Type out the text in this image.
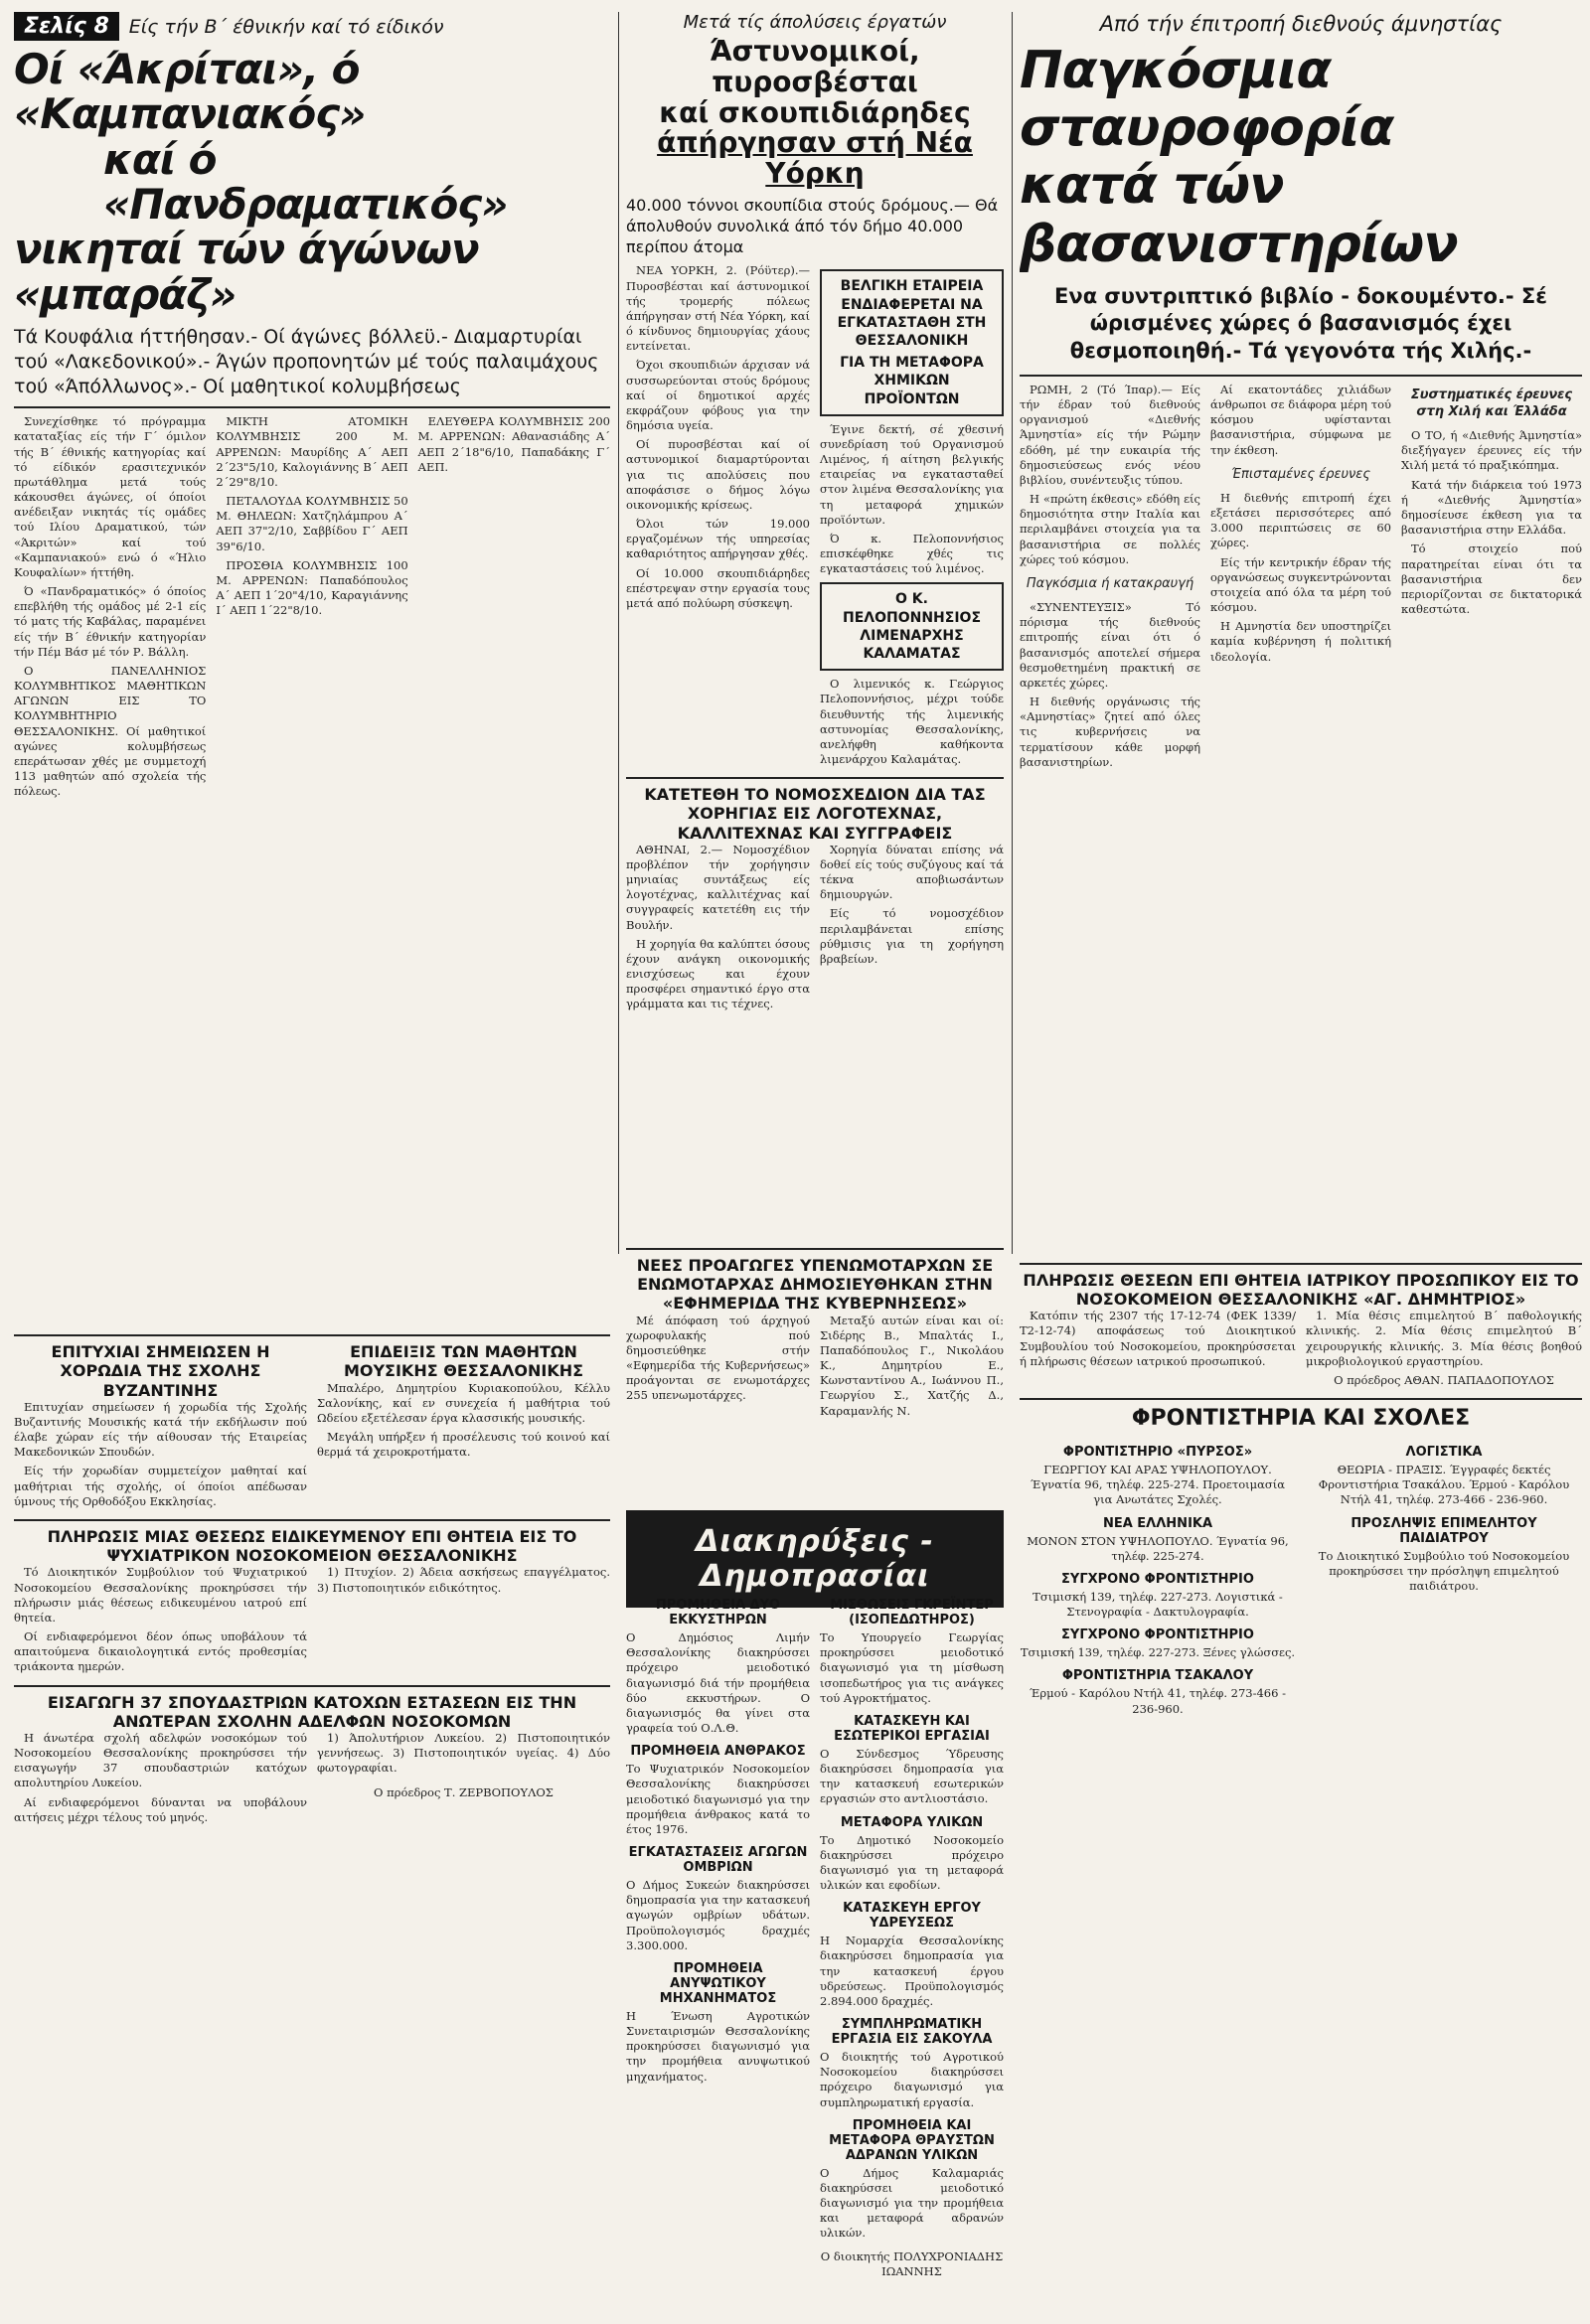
Σελίς 8	Είς τήν Β΄ έθνικήν καί τό είδικόν
Οί «Άκρίται», ό «Καμπανιακός»
καί ό «Πανδραματικός»
νικηταί τών άγώνων «μπαράζ»
Τά Κουφάλια ήττήθησαν.- Οί άγώνες βόλλεϋ.- Διαμαρτυρίαι τού «Λακεδονικού».- Άγών προπονητών μέ τούς παλαιμάχους τού «Άπόλλωνος».- Οί μαθητικοί κολυμβήσεως

Συνεχίσθηκε τό πρόγραμμα καταταξίας είς τήν Γ΄ όμιλον τής Β΄ έθνικής κατηγορίας καί τό είδικόν ερασιτεχνικόν πρωτάθλημα μετά τούς κάκουσθει άγώνες, οί όποίοι ανέδειξαν νικητάς τίς ομάδες τού Ιλίου Δραματικού, τών «Άκριτών» καί τού «Καμπανιακού» ενώ ό «Ήλιο Κουφαλίων» ήττήθη.

Ό «Πανδραματικός» ό όποίος επεβλήθη τής ομάδος μέ 2-1 είς τό ματς τής Καβάλας, παραμένει είς τήν Β΄ έθνικήν κατηγορίαν τήν Πέμ Βάσ μέ τόν Ρ. Βάλλη.

Ο ΠΑΝΕΛΛΗΝΙΟΣ ΚΟΛΥΜΒΗΤΙΚΟΣ ΜΑΘΗΤΙΚΩΝ ΑΓΩΝΩΝ ΕΙΣ ΤΟ ΚΟΛΥΜΒΗΤΗΡΙΟ ΘΕΣΣΑΛΟΝΙΚΗΣ. Οί μαθητικοί αγώνες κολυμβήσεως επεράτωσαν χθές με συμμετοχή 113 μαθητών από σχολεία τής πόλεως.

ΜΙΚΤΗ ΑΤΟΜΙΚΗ ΚΟΛΥΜΒΗΣΙΣ 200 Μ. ΑΡΡΕΝΩΝ: Μαυρίδης Α΄ ΑΕΠ 2΄23"5/10, Καλογιάννης Β΄ ΑΕΠ 2΄29"8/10.

ΠΕΤΑΛΟΥΔΑ ΚΟΛΥΜΒΗΣΙΣ 50 Μ. ΘΗΛΕΩΝ: Χατζηλάμπρου Α΄ ΑΕΠ 37"2/10, Σαββίδου Γ΄ ΑΕΠ 39"6/10.

ΠΡΟΣΘΙΑ ΚΟΛΥΜΒΗΣΙΣ 100 Μ. ΑΡΡΕΝΩΝ: Παπαδόπουλος Α΄ ΑΕΠ 1΄20"4/10, Καραγιάννης Ι΄ ΑΕΠ 1΄22"8/10.

ΕΛΕΥΘΕΡΑ ΚΟΛΥΜΒΗΣΙΣ 200 Μ. ΑΡΡΕΝΩΝ: Αθανασιάδης Α΄ ΑΕΠ 2΄18"6/10, Παπαδάκης Γ΄ ΑΕΠ.

ΕΠΙΤΥΧΙΑΙ ΣΗΜΕΙΩΣΕΝ Η ΧΟΡΩΔΙΑ ΤΗΣ ΣΧΟΛΗΣ ΒΥΖΑΝΤΙΝΗΣ

Επιτυχίαν σημείωσεν ή χορωδία τής Σχολής Βυζαντινής Μουσικής κατά τήν εκδήλωσιν πού έλαβε χώραν είς τήν αίθουσαν τής Εταιρείας Μακεδονικών Σπουδών.

Είς τήν χορωδίαν συμμετείχον μαθηταί καί μαθήτριαι τής σχολής, οί όποίοι απέδωσαν ύμνους τής Ορθοδόξου Εκκλησίας.

ΕΠΙΔΕΙΞΙΣ ΤΩΝ ΜΑΘΗΤΩΝ ΜΟΥΣΙΚΗΣ ΘΕΣΣΑΛΟΝΙΚΗΣ

Μπαλέρο, Δημητρίου Κυριακοπούλου, Κέλλυ Σαλονίκης, καί εν συνεχεία ή μαθήτρια τού Ωδείου εξετέλεσαν έργα κλασσικής μουσικής.

Μεγάλη υπήρξεν ή προσέλευσις τού κοινού καί θερμά τά χειροκροτήματα.

ΠΛΗΡΩΣΙΣ ΜΙΑΣ ΘΕΣΕΩΣ ΕΙΔΙΚΕΥΜΕΝΟΥ ΕΠΙ ΘΗΤΕΙΑ ΕΙΣ ΤΟ ΨΥΧΙΑΤΡΙΚΟΝ ΝΟΣΟΚΟΜΕΙΟΝ ΘΕΣΣΑΛΟΝΙΚΗΣ

Τό Διοικητικόν Συμβούλιον τού Ψυχιατρικού Νοσοκομείου Θεσσαλονίκης προκηρύσσει τήν πλήρωσιν μιάς θέσεως ειδικευμένου ιατρού επί θητεία.

Οί ενδιαφερόμενοι δέον όπως υποβάλουν τά απαιτούμενα δικαιολογητικά εντός προθεσμίας τριάκοντα ημερών.

1) Πτυχίον. 2) Άδεια ασκήσεως επαγγέλματος. 3) Πιστοποιητικόν ειδικότητος.

ΕΙΣΑΓΩΓΗ 37 ΣΠΟΥΔΑΣΤΡΙΩΝ ΚΑΤΟΧΩΝ ΕΣΤΑΣΕΩΝ ΕΙΣ ΤΗΝ ΑΝΩΤΕΡΑΝ ΣΧΟΛΗΝ ΑΔΕΛΦΩΝ ΝΟΣΟΚΟΜΩΝ

Η άνωτέρα σχολή αδελφών νοσοκόμων τού Νοσοκομείου Θεσσαλονίκης προκηρύσσει τήν εισαγωγήν 37 σπουδαστριών κατόχων απολυτηρίου Λυκείου.

Αί ενδιαφερόμενοι δύνανται να υποβάλουν αιτήσεις μέχρι τέλους τού μηνός.

1) Άπολυτήριον Λυκείου. 2) Πιστοποιητικόν γεννήσεως. 3) Πιστοποιητικόν υγείας. 4) Δύο φωτογραφίαι.

Ο πρόεδρος Τ. ΖΕΡΒΟΠΟΥΛΟΣ

Μετά τίς άπολύσεις έργατών
Άστυνομικοί, πυροσβέσται
καί σκουπιδιάρηδες
άπήργησαν στή Νέα Υόρκη
40.000 τόννοι σκουπίδια στούς δρόμους.— Θά άπολυθούν συνολικά άπό τόν δήμο 40.000 περίπου άτομα

ΝΕΑ ΥΟΡΚΗ, 2. (Ρόϋτερ).— Πυροσβέσται καί άστυνομικοί τής τρομερής πόλεως άπήργησαν στή Νέα Υόρκη, καί ό κίνδυνος δημιουργίας χάους εντείνεται.

Όχοι σκουπιδιών άρχισαν νά συσσωρεύονται στούς δρόμους καί οί δημοτικοί αρχές εκφράζουν φόβους για την δημόσια υγεία.

Οί πυροσβέσται καί οί αστυνομικοί διαμαρτύρονται για τις απολύσεις που αποφάσισε ο δήμος λόγω οικονομικής κρίσεως.

Όλοι τών 19.000 εργαζομένων τής υπηρεσίας καθαριότητος απήργησαν χθές.

Οί 10.000 σκουπιδιάρηδες επέστρεψαν στην εργασία τους μετά από πολύωρη σύσκεψη.

ΒΕΛΓΙΚΗ ΕΤΑΙΡΕΙΑ ΕΝΔΙΑΦΕΡΕΤΑΙ ΝΑ ΕΓΚΑΤΑΣΤΑΘΗ ΣΤΗ ΘΕΣΣΑΛΟΝΙΚΗ
ΓΙΑ ΤΗ ΜΕΤΑΦΟΡΑ ΧΗΜΙΚΩΝ ΠΡΟΪΟΝΤΩΝ

Έγινε δεκτή, σέ χθεσινή συνεδρίαση τού Οργανισμού Λιμένος, ή αίτηση βελγικής εταιρείας να εγκατασταθεί στον λιμένα Θεσσαλονίκης για τη μεταφορά χημικών προϊόντων.

Ό κ. Πελοποννήσιος επισκέφθηκε χθές τις εγκαταστάσεις τού λιμένος.

Ο Κ. ΠΕΛΟΠΟΝΝΗΣΙΟΣ ΛΙΜΕΝΑΡΧΗΣ ΚΑΛΑΜΑΤΑΣ

Ο λιμενικός κ. Γεώργιος Πελοποννήσιος, μέχρι τούδε διευθυντής τής λιμενικής αστυνομίας Θεσσαλονίκης, ανελήφθη καθήκοντα λιμενάρχου Καλαμάτας.

ΚΑΤΕΤΕΘΗ ΤΟ ΝΟΜΟΣΧΕΔΙΟΝ ΔΙΑ ΤΑΣ ΧΟΡΗΓΙΑΣ ΕΙΣ ΛΟΓΟΤΕΧΝΑΣ, ΚΑΛΛΙΤΕΧΝΑΣ ΚΑΙ ΣΥΓΓΡΑΦΕΙΣ

ΑΘΗΝΑΙ, 2.— Νομοσχέδιον προβλέπον τήν χορήγησιν μηνιαίας συντάξεως είς λογοτέχνας, καλλιτέχνας καί συγγραφείς κατετέθη εις τήν Βουλήν.

Η χορηγία θα καλύπτει όσους έχουν ανάγκη οικονομικής ενισχύσεως και έχουν προσφέρει σημαντικό έργο στα γράμματα και τις τέχνες.

Χορηγία δύναται επίσης νά δοθεί είς τούς συζύγους καί τά τέκνα αποβιωσάντων δημιουργών.

Είς τό νομοσχέδιον περιλαμβάνεται επίσης ρύθμισις για τη χορήγηση βραβείων.

ΝΕΕΣ ΠΡΟΑΓΩΓΕΣ ΥΠΕΝΩΜΟΤΑΡΧΩΝ ΣΕ ΕΝΩΜΟΤΑΡΧΑΣ ΔΗΜΟΣΙΕΥΘΗΚΑΝ ΣΤΗΝ «ΕΦΗΜΕΡΙΔΑ ΤΗΣ ΚΥΒΕΡΝΗΣΕΩΣ»

Μέ άπόφαση τού άρχηγού χωροφυλακής πού δημοσιεύθηκε στήν «Εφημερίδα τής Κυβερνήσεως» προάγονται σε ενωμοτάρχες 255 υπενωμοτάρχες.

Μεταξύ αυτών είναι και οί: Σιδέρης Β., Μπαλτάς Ι., Παπαδόπουλος Γ., Νικολάου Κ., Δημητρίου Ε., Κωνσταντίνου Α., Ιωάννου Π., Γεωργίου Σ., Χατζής Δ., Καραμανλής Ν.

Διακηρύξεις - Δημοπρασίαι
ΠΡΟΜΗΘΕΙΑ ΔΥΟ ΕΚΚΥΣΤΗΡΩΝ
Ο Δημόσιος Λιμήν Θεσσαλονίκης διακηρύσσει πρόχειρο μειοδοτικό διαγωνισμό διά τήν προμήθεια δύο εκκυστήρων. Ο διαγωνισμός θα γίνει στα γραφεία τού Ο.Λ.Θ.
ΠΡΟΜΗΘΕΙΑ ΑΝΘΡΑΚΟΣ
Το Ψυχιατρικόν Νοσοκομείον Θεσσαλονίκης διακηρύσσει μειοδοτικό διαγωνισμό για την προμήθεια άνθρακος κατά το έτος 1976.
ΕΓΚΑΤΑΣΤΑΣΕΙΣ ΑΓΩΓΩΝ ΟΜΒΡΙΩΝ
Ο Δήμος Συκεών διακηρύσσει δημοπρασία για την κατασκευή αγωγών ομβρίων υδάτων. Προϋπολογισμός δραχμές 3.300.000.
ΠΡΟΜΗΘΕΙΑ ΑΝΥΨΩΤΙΚΟΥ ΜΗΧΑΝΗΜΑΤΟΣ
Η Ένωση Αγροτικών Συνεταιρισμών Θεσσαλονίκης προκηρύσσει διαγωνισμό για την προμήθεια ανυψωτικού μηχανήματος.
ΜΙΣΘΩΣΕΙΣ ΓΚΡΕΪΝΤΕΡ (ΙΣΟΠΕΔΩΤΗΡΟΣ)
Το Υπουργείο Γεωργίας προκηρύσσει μειοδοτικό διαγωνισμό για τη μίσθωση ισοπεδωτήρος για τις ανάγκες τού Αγροκτήματος.
ΚΑΤΑΣΚΕΥΗ ΚΑΙ ΕΣΩΤΕΡΙΚΟΙ ΕΡΓΑΣΙΑΙ
Ο Σύνδεσμος Ύδρευσης διακηρύσσει δημοπρασία για την κατασκευή εσωτερικών εργασιών στο αντλιοστάσιο.
ΜΕΤΑΦΟΡΑ ΥΛΙΚΩΝ
Το Δημοτικό Νοσοκομείο διακηρύσσει πρόχειρο διαγωνισμό για τη μεταφορά υλικών και εφοδίων.
ΚΑΤΑΣΚΕΥΗ ΕΡΓΟΥ ΥΔΡΕΥΣΕΩΣ
Η Νομαρχία Θεσσαλονίκης διακηρύσσει δημοπρασία για την κατασκευή έργου υδρεύσεως. Προϋπολογισμός 2.894.000 δραχμές.
ΣΥΜΠΛΗΡΩΜΑΤΙΚΗ ΕΡΓΑΣΙΑ ΕΙΣ ΣΑΚΟΥΛΑ
Ο διοικητής τού Αγροτικού Νοσοκομείου διακηρύσσει πρόχειρο διαγωνισμό για συμπληρωματική εργασία.
ΠΡΟΜΗΘΕΙΑ ΚΑΙ ΜΕΤΑΦΟΡΑ ΘΡΑΥΣΤΩΝ ΑΔΡΑΝΩΝ ΥΛΙΚΩΝ
Ο Δήμος Καλαμαριάς διακηρύσσει μειοδοτικό διαγωνισμό για την προμήθεια και μεταφορά αδρανών υλικών.
Ο διοικητής ΠΟΛΥΧΡΟΝΙΑΔΗΣ ΙΩΑΝΝΗΣ
Από τήν έπιτροπή διεθνούς άμνηστίας
Παγκόσμια σταυροφορία
κατά τών βασανιστηρίων
Ενα συντριπτικό βιβλίο - δοκουμέντο.- Σέ ώρισμένες χώρες ό βασανισμός έχει θεσμοποιηθή.- Τά γεγονότα τής Χιλής.-

ΡΩΜΗ, 2 (Τό Ίπαρ).— Είς τήν έδραν τού διεθνούς οργανισμού «Διεθνής Άμνηστία» είς τήν Ρώμην εδόθη, μέ την ευκαιρία τής δημοσιεύσεως ενός νέου βιβλίου, συνέντευξις τύπου.

Η «πρώτη έκθεσις» εδόθη είς δημοσιότητα στην Ιταλία και περιλαμβάνει στοιχεία για τα βασανιστήρια σε πολλές χώρες τού κόσμου.

Παγκόσμια ή κατακραυγή

«ΣΥΝΕΝΤΕΥΞΙΣ» Τό πόρισμα τής διεθνούς επιτροπής είναι ότι ό βασανισμός αποτελεί σήμερα θεσμοθετημένη πρακτική σε αρκετές χώρες.

Η διεθνής οργάνωσις τής «Αμνηστίας» ζητεί από όλες τις κυβερνήσεις να τερματίσουν κάθε μορφή βασανιστηρίων.

Αί εκατοντάδες χιλιάδων άνθρωποι σε διάφορα μέρη τού κόσμου υφίστανται βασανιστήρια, σύμφωνα με την έκθεση.

Έπισταμένες έρευνες

Η διεθνής επιτροπή έχει εξετάσει περισσότερες από 3.000 περιπτώσεις σε 60 χώρες.

Είς τήν κεντρικήν έδραν τής οργανώσεως συγκεντρώνονται στοιχεία από όλα τα μέρη τού κόσμου.

Η Αμνηστία δεν υποστηρίζει καμία κυβέρνηση ή πολιτική ιδεολογία.

Συστηματικές έρευνες στη Χιλή και Έλλάδα

Ο ΤΟ, ή «Διεθνής Άμνηστία» διεξήγαγεν έρευνες είς τήν Χιλή μετά τό πραξικόπημα.

Κατά τήν διάρκεια τού 1973 ή «Διεθνής Άμνηστία» δημοσίευσε έκθεση για τα βασανιστήρια στην Ελλάδα.

Τό στοιχείο πού παρατηρείται είναι ότι τα βασανιστήρια δεν περιορίζονται σε δικτατορικά καθεστώτα.

ΠΛΗΡΩΣΙΣ ΘΕΣΕΩΝ ΕΠΙ ΘΗΤΕΙΑ ΙΑΤΡΙΚΟΥ ΠΡΟΣΩΠΙΚΟΥ ΕΙΣ ΤΟ ΝΟΣΟΚΟΜΕΙΟΝ ΘΕΣΣΑΛΟΝΙΚΗΣ «ΑΓ. ΔΗΜΗΤΡΙΟΣ»

Κατόπιν τής 2307 τής 17-12-74 (ΦΕΚ 1339/Τ2-12-74) αποφάσεως τού Διοικητικού Συμβουλίου τού Νοσοκομείου, προκηρύσσεται ή πλήρωσις θέσεων ιατρικού προσωπικού.

1. Μία θέσις επιμελητού Β΄ παθολογικής κλινικής. 2. Μία θέσις επιμελητού Β΄ χειρουργικής κλινικής. 3. Μία θέσις βοηθού μικροβιολογικού εργαστηρίου.

Ο πρόεδρος ΑΘΑΝ. ΠΑΠΑΔΟΠΟΥΛΟΣ

ΦΡΟΝΤΙΣΤΗΡΙΑ ΚΑΙ ΣΧΟΛΕΣ
ΦΡΟΝΤΙΣΤΗΡΙΟ «ΠΥΡΣΟΣ»
ΓΕΩΡΓΙΟΥ ΚΑΙ ΑΡΑΣ ΥΨΗΛΟΠΟΥΛΟΥ. Έγνατία 96, τηλέφ. 225-274. Προετοιμασία για Ανωτάτες Σχολές.
ΝΕΑ ΕΛΛΗΝΙΚΑ
ΜΟΝΟΝ ΣΤΟΝ ΥΨΗΛΟΠΟΥΛΟ. Έγνατία 96, τηλέφ. 225-274.
ΣΥΓΧΡΟΝΟ ΦΡΟΝΤΙΣΤΗΡΙΟ
Τσιμισκή 139, τηλέφ. 227-273. Λογιστικά - Στενογραφία - Δακτυλογραφία.
ΣΥΓΧΡΟΝΟ ΦΡΟΝΤΙΣΤΗΡΙΟ
Τσιμισκή 139, τηλέφ. 227-273. Ξένες γλώσσες.
ΦΡΟΝΤΙΣΤΗΡΙΑ ΤΣΑΚΑΛΟΥ
Έρμού - Καρόλου Ντήλ 41, τηλέφ. 273-466 - 236-960.
ΛΟΓΙΣΤΙΚΑ
ΘΕΩΡΙΑ - ΠΡΑΞΙΣ. Έγγραφές δεκτές Φροντιστήρια Τσακάλου. Έρμού - Καρόλου Ντήλ 41, τηλέφ. 273-466 - 236-960.
ΠΡΟΣΛΗΨΙΣ ΕΠΙΜΕΛΗΤΟΥ ΠΑΙΔΙΑΤΡΟΥ
Το Διοικητικό Συμβούλιο τού Νοσοκομείου προκηρύσσει την πρόσληψη επιμελητού παιδιάτρου.
